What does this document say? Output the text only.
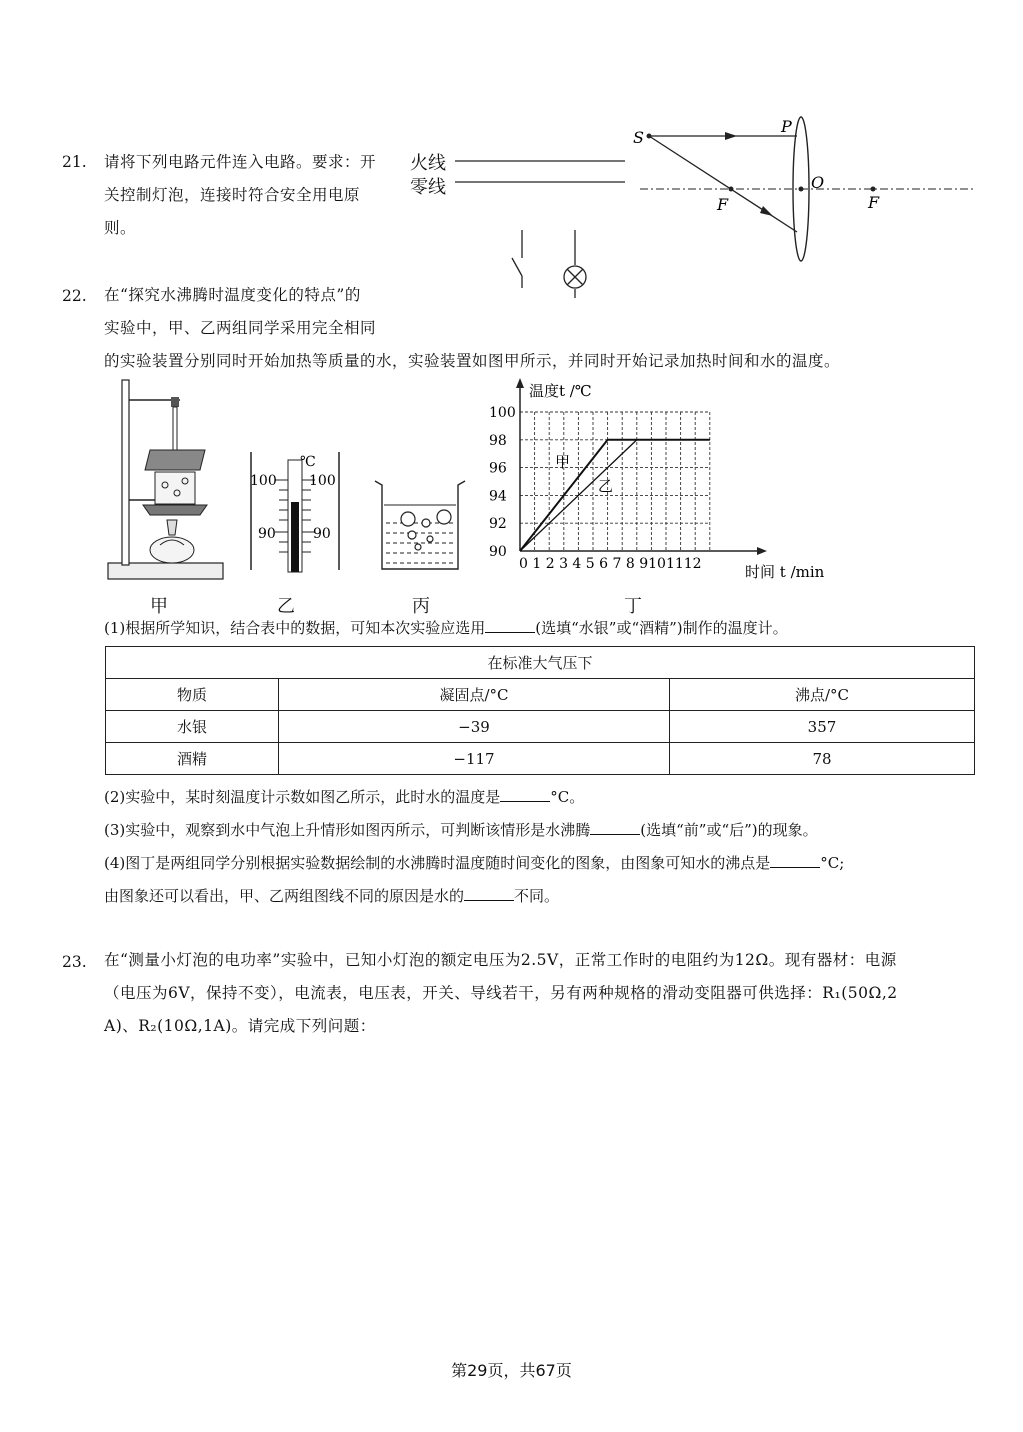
21. 请将下列电路元件连入电路。要求：开
关控制灯泡，连接时符合安全用电原
则。
火线
零线
S
P
O
F	F
22. 在“探究水沸腾时温度变化的特点”的
实验中，甲、乙两组同学采用完全相同
的实验装置分别同时开始加热等质量的水，实验装置如图甲所示，并同时开始记录加热时间和水的温度。
℃
100
90
100
90
甲	乙	丙	丁
100
98
96
94
92
90
0 1 2 3 4 5 6 7 8 9101112
温度t /℃
时间 t /min
甲
乙
(1)根据所学知识，结合表中的数据，可知本次实验应选用	(选填“水银”或“酒精”)制作的温度计。
在标准大气压下		
物质	凝固点/°C	沸点/°C
水银	−39	357
酒精	−117	78
(2)实验中，某时刻温度计示数如图乙所示，此时水的温度是	°C。
(3)实验中，观察到水中气泡上升情形如图丙所示，可判断该情形是水沸腾	(选填“前”或“后”)的现象。
(4)图丁是两组同学分别根据实验数据绘制的水沸腾时温度随时间变化的图象，由图象可知水的沸点是	°C;
由图象还可以看出，甲、乙两组图线不同的原因是水的	不同。
23. 在“测量小灯泡的电功率”实验中，已知小灯泡的额定电压为2.5V，正常工作时的电阻约为12Ω。现有器材：电源
（电压为6V，保持不变），电流表，电压表，开关、导线若干，另有两种规格的滑动变阻器可供选择：R₁(50Ω,2
A)、R₂(10Ω,1A)。请完成下列问题：
第29页，共67页
